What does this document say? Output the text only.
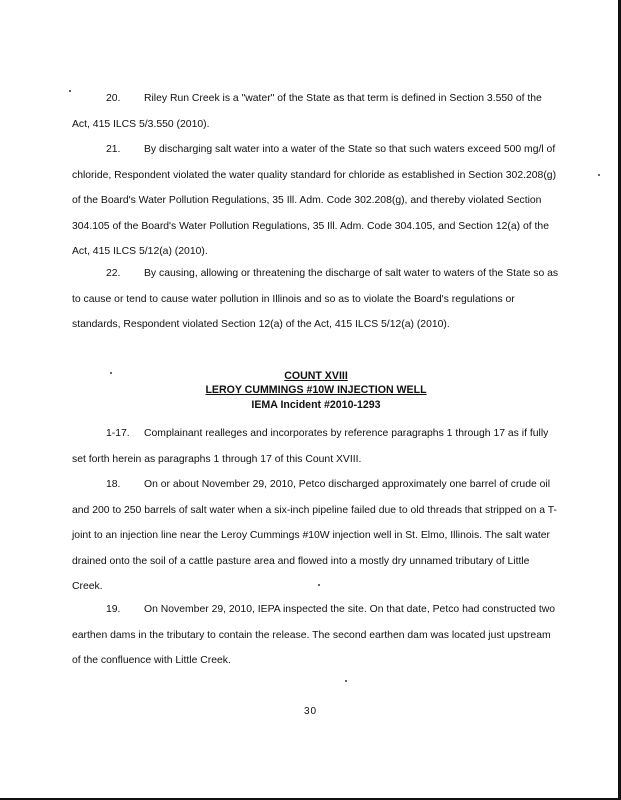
20. Riley Run Creek is a "water" of the State as that term is defined in Section 3.550 of the Act, 415 ILCS 5/3.550 (2010).

21. By discharging salt water into a water of the State so that such waters exceed 500 mg/l of chloride, Respondent violated the water quality standard for chloride as established in Section 302.208(g) of the Board's Water Pollution Regulations, 35 Ill. Adm. Code 302.208(g), and thereby violated Section 304.105 of the Board's Water Pollution Regulations, 35 Ill. Adm. Code 304.105, and Section 12(a) of the Act, 415 ILCS 5/12(a) (2010).

22. By causing, allowing or threatening the discharge of salt water to waters of the State so as to cause or tend to cause water pollution in Illinois and so as to violate the Board's regulations or standards, Respondent violated Section 12(a) of the Act, 415 ILCS 5/12(a) (2010).

COUNT XVIII
LEROY CUMMINGS #10W INJECTION WELL
IEMA Incident #2010-1293

1-17. Complainant realleges and incorporates by reference paragraphs 1 through 17 as if fully set forth herein as paragraphs 1 through 17 of this Count XVIII.

18. On or about November 29, 2010, Petco discharged approximately one barrel of crude oil and 200 to 250 barrels of salt water when a six-inch pipeline failed due to old threads that stripped on a T-joint to an injection line near the Leroy Cummings #10W injection well in St. Elmo, Illinois. The salt water drained onto the soil of a cattle pasture area and flowed into a mostly dry unnamed tributary of Little Creek.

19. On November 29, 2010, IEPA inspected the site. On that date, Petco had constructed two earthen dams in the tributary to contain the release. The second earthen dam was located just upstream of the confluence with Little Creek.

30
